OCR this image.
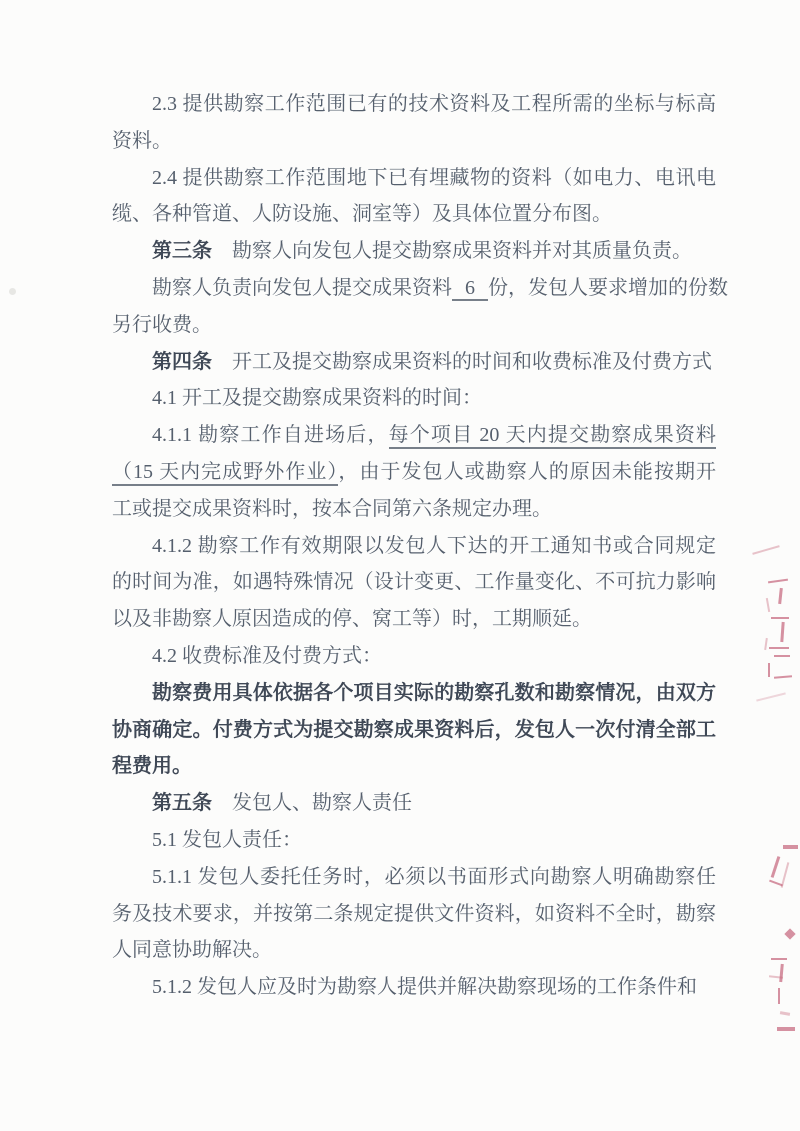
2.3 提供勘察工作范围已有的技术资料及工程所需的坐标与标高
资料。
2.4 提供勘察工作范围地下已有埋藏物的资料（如电力、电讯电
缆、各种管道、人防设施、洞室等）及具体位置分布图。
第三条　勘察人向发包人提交勘察成果资料并对其质量负责。
勘察人负责向发包人提交成果资料 6 份，发包人要求增加的份数
另行收费。
第四条　开工及提交勘察成果资料的时间和收费标准及付费方式
4.1 开工及提交勘察成果资料的时间：
4.1.1 勘察工作自进场后，每个项目 20 天内提交勘察成果资料
（15 天内完成野外作业），由于发包人或勘察人的原因未能按期开
工或提交成果资料时，按本合同第六条规定办理。
4.1.2 勘察工作有效期限以发包人下达的开工通知书或合同规定
的时间为准，如遇特殊情况（设计变更、工作量变化、不可抗力影响
以及非勘察人原因造成的停、窝工等）时，工期顺延。
4.2 收费标准及付费方式：
勘察费用具体依据各个项目实际的勘察孔数和勘察情况，由双方
协商确定。付费方式为提交勘察成果资料后，发包人一次付清全部工
程费用。
第五条　发包人、勘察人责任
5.1 发包人责任：
5.1.1 发包人委托任务时，必须以书面形式向勘察人明确勘察任
务及技术要求，并按第二条规定提供文件资料，如资料不全时，勘察
人同意协助解决。
5.1.2 发包人应及时为勘察人提供并解决勘察现场的工作条件和
